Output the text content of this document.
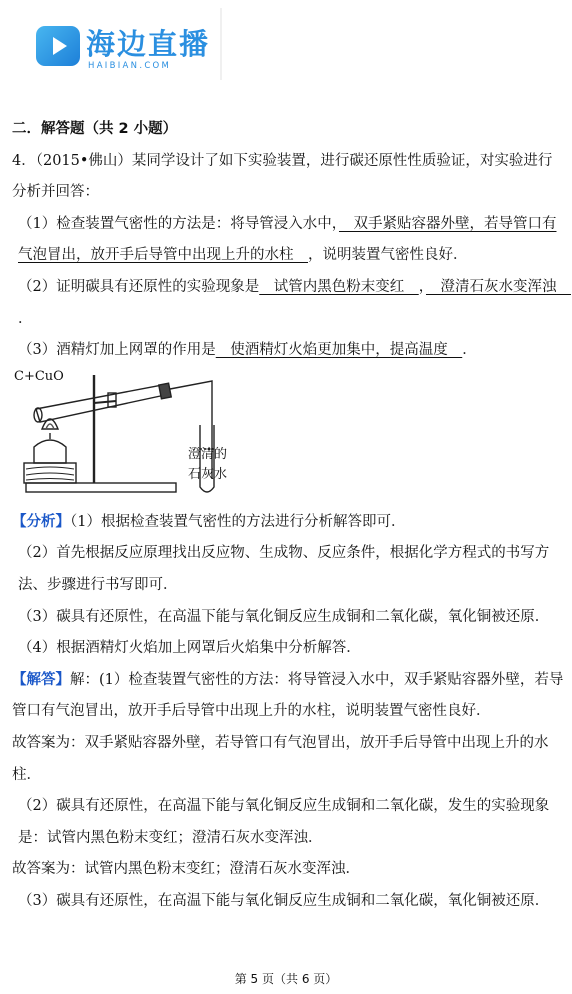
海边直播
HAIBIAN.COM

二．解答题（共 2 小题）

4．（2015•佛山）某同学设计了如下实验装置，进行碳还原性性质验证，对实验进行分析并回答：

（1）检查装置气密性的方法是：将导管浸入水中，　双手紧贴容器外壁，若导管口有气泡冒出，放开手后导管中出现上升的水柱　，说明装置气密性良好．

（2）证明碳具有还原性的实验现象是　试管内黑色粉末变红　，　澄清石灰水变浑浊　．

（3）酒精灯加上网罩的作用是　使酒精灯火焰更加集中，提高温度　．

C+CuO
澄清的
石灰水

【分析】（1）根据检查装置气密性的方法进行分析解答即可．

（2）首先根据反应原理找出反应物、生成物、反应条件，根据化学方程式的书写方法、步骤进行书写即可．

（3）碳具有还原性，在高温下能与氧化铜反应生成铜和二氧化碳，氧化铜被还原．

（4）根据酒精灯火焰加上网罩后火焰集中分析解答．

【解答】解：(1）检查装置气密性的方法：将导管浸入水中，双手紧贴容器外壁，若导管口有气泡冒出，放开手后导管中出现上升的水柱，说明装置气密性良好．

故答案为：双手紧贴容器外壁，若导管口有气泡冒出，放开手后导管中出现上升的水柱．

（2）碳具有还原性，在高温下能与氧化铜反应生成铜和二氧化碳，发生的实验现象是：试管内黑色粉末变红；澄清石灰水变浑浊．

故答案为：试管内黑色粉末变红；澄清石灰水变浑浊．

（3）碳具有还原性，在高温下能与氧化铜反应生成铜和二氧化碳，氧化铜被还原．

第 5 页（共 6 页）
